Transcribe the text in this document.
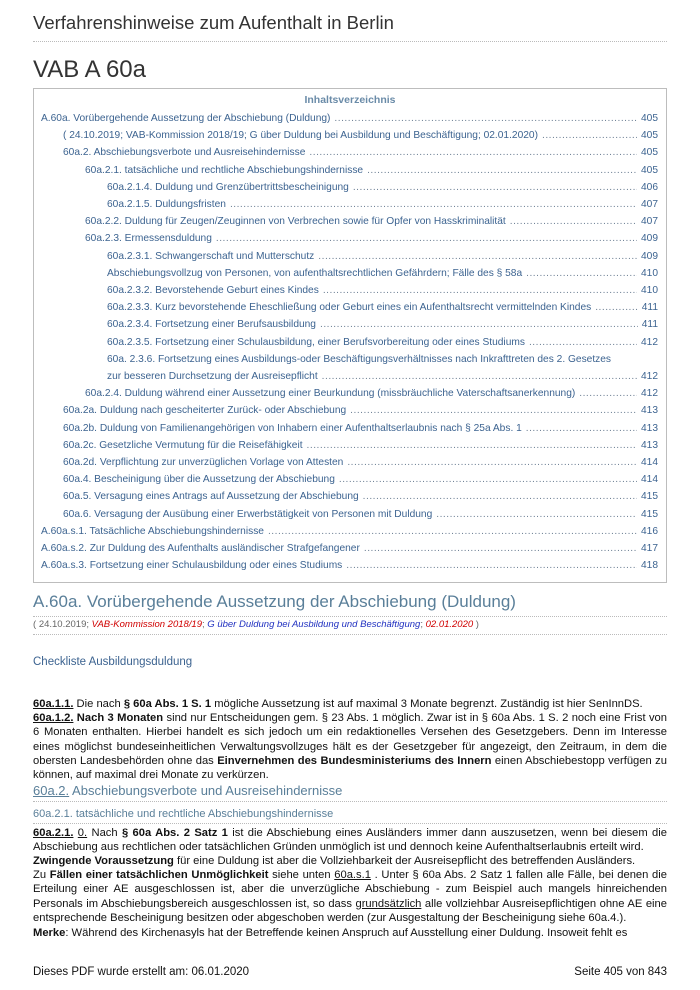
Verfahrenshinweise zum Aufenthalt in Berlin
VAB A 60a
Inhaltsverzeichnis
A.60a. Vorübergehende Aussetzung der Abschiebung (Duldung) .....	405
( 24.10.2019; VAB-Kommission 2018/19; G über Duldung bei Ausbildung und Beschäftigung; 02.01.2020) .....	405
60a.2. Abschiebungsverbote und Ausreisehindernisse .....	405
60a.2.1. tatsächliche und rechtliche Abschiebungshindernisse .....	405
60a.2.1.4. Duldung und Grenzübertrittsbescheinigung .....	406
60a.2.1.5. Duldungsfristen .....	407
60a.2.2. Duldung für Zeugen/Zeuginnen von Verbrechen sowie für Opfer von Hasskriminalität .....	407
60a.2.3. Ermessensduldung .....	409
60a.2.3.1. Schwangerschaft und Mutterschutz .....	409
Abschiebungsvollzug von Personen, von aufenthaltsrechtlichen Gefährdern; Fälle des § 58a .....	410
60a.2.3.2. Bevorstehende Geburt eines Kindes .....	410
60a.2.3.3. Kurz bevorstehende Eheschließung oder Geburt eines ein Aufenthaltsrecht vermittelnden Kindes .....	411
60a.2.3.4. Fortsetzung einer Berufsausbildung .....	411
60a.2.3.5. Fortsetzung einer Schulausbildung, einer Berufsvorbereitung oder eines Studiums .....	412
60a. 2.3.6. Fortsetzung eines Ausbildungs-oder Beschäftigungsverhältnisses nach Inkrafttreten des 2. Gesetzes
zur besseren Durchsetzung der Ausreisepflicht .....	412
60a.2.4. Duldung während einer Aussetzung einer Beurkundung (missbräuchliche Vaterschaftsanerkennung) .....	412
60a.2a. Duldung nach gescheiterter Zurück- oder Abschiebung .....	413
60a.2b. Duldung von Familienangehörigen von Inhabern einer Aufenthaltserlaubnis nach § 25a Abs. 1 .....	413
60a.2c. Gesetzliche Vermutung für die Reisefähigkeit .....	413
60a.2d. Verpflichtung zur unverzüglichen Vorlage von Attesten .....	414
60a.4. Bescheinigung über die Aussetzung der Abschiebung .....	414
60a.5. Versagung eines Antrags auf Aussetzung der Abschiebung .....	415
60a.6. Versagung der Ausübung einer Erwerbstätigkeit von Personen mit Duldung .....	415
A.60a.s.1. Tatsächliche Abschiebungshindernisse .....	416
A.60a.s.2. Zur Duldung des Aufenthalts ausländischer Strafgefangener .....	417
A.60a.s.3. Fortsetzung einer Schulausbildung oder eines Studiums .....	418
A.60a. Vorübergehende Aussetzung der Abschiebung (Duldung)
( 24.10.2019; VAB-Kommission 2018/19; G über Duldung bei Ausbildung und Beschäftigung; 02.01.2020 )
Checkliste Ausbildungsduldung
60a.1.1. Die nach § 60a Abs. 1 S. 1 mögliche Aussetzung ist auf maximal 3 Monate begrenzt. Zuständig ist hier SenInnDS.
60a.1.2. Nach 3 Monaten sind nur Entscheidungen gem. § 23 Abs. 1 möglich. Zwar ist in § 60a Abs. 1 S. 2 noch eine Frist von 6 Monaten enthalten. Hierbei handelt es sich jedoch um ein redaktionelles Versehen des Gesetzgebers. Denn im Interesse eines möglichst bundeseinheitlichen Verwaltungsvollzuges hält es der Gesetzgeber für angezeigt, den Zeitraum, in dem die obersten Landesbehörden ohne das Einvernehmen des Bundesministeriums des Innern einen Abschiebestopp verfügen zu können, auf maximal drei Monate zu verkürzen.
60a.2. Abschiebungsverbote und Ausreisehindernisse
60a.2.1. tatsächliche und rechtliche Abschiebungshindernisse
60a.2.1. 0. Nach § 60a Abs. 2 Satz 1 ist die Abschiebung eines Ausländers immer dann auszusetzen, wenn bei diesem die Abschiebung aus rechtlichen oder tatsächlichen Gründen unmöglich ist und dennoch keine Aufenthaltserlaubnis erteilt wird.
Zwingende Voraussetzung für eine Duldung ist aber die Vollziehbarkeit der Ausreisepflicht des betreffenden Ausländers.
Zu Fällen einer tatsächlichen Unmöglichkeit siehe unten 60a.s.1 . Unter § 60a Abs. 2 Satz 1 fallen alle Fälle, bei denen die Erteilung einer AE ausgeschlossen ist, aber die unverzügliche Abschiebung - zum Beispiel auch mangels hinreichenden Personals im Abschiebungsbereich ausgeschlossen ist, so dass grundsätzlich alle vollziehbar Ausreisepflichtigen ohne AE eine entsprechende Bescheinigung besitzen oder abgeschoben werden (zur Ausgestaltung der Bescheinigung siehe 60a.4.).
Merke: Während des Kirchenasyls hat der Betreffende keinen Anspruch auf Ausstellung einer Duldung. Insoweit fehlt es
Dieses PDF wurde erstellt am: 06.01.2020	Seite 405 von 843
